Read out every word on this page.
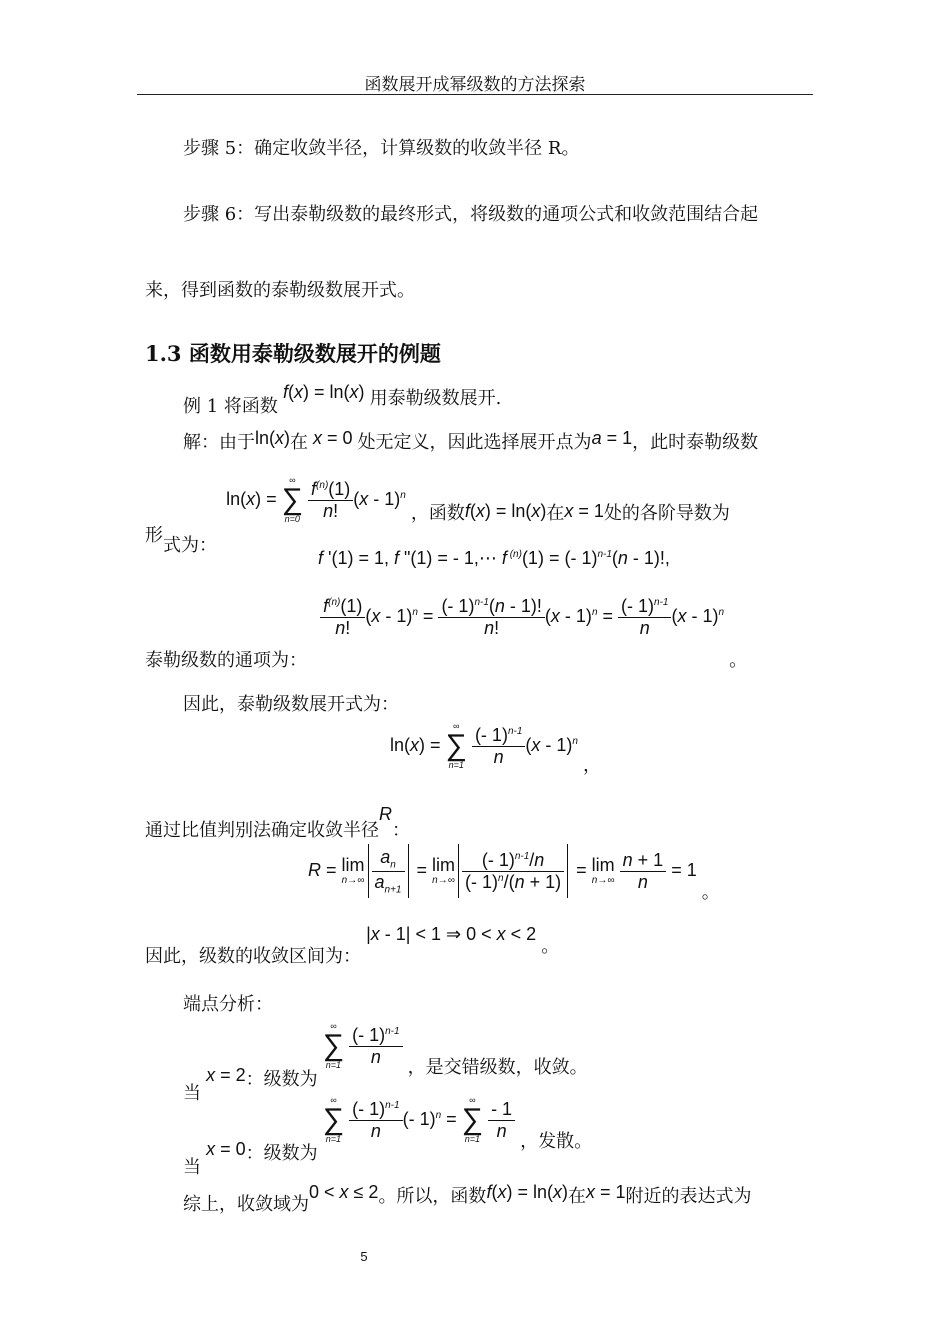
函数展开成幂级数的方法探索
步骤 5：确定收敛半径，计算级数的收敛半径 R。
步骤 6：写出泰勒级数的最终形式，将级数的通项公式和收敛范围结合起
来，得到函数的泰勒级数展开式。
1.3 函数用泰勒级数展开的例题
例 1 将函数 f(x) = ln(x) 用泰勒级数展开.
解：由于ln(x)在 x = 0 处无定义，因此选择展开点为a = 1，此时泰勒级数
形式为： ln(x) =
∞
∑
n=0
$\frac{f^{(n)}(1)}{n!} (x - 1)^n$ ，函数f(x) = ln(x)在x = 1处的各阶导数为
f '(1) = 1, f "(1) = - 1,⋯ f $^{(n)}$(1) = (- 1)$^{n-1}$(n - 1)!,
泰勒级数的通项为：
$\frac{f^{(n)}(1)}{n!} (x - 1)^n = \frac{(- 1)^{n-1}(n - 1)!}{n!} (x - 1)^n = \frac{(- 1)^{n-1}}{n} (x - 1)^n$ 。
因此，泰勒级数展开式为：
ln(x) =
∞
∑
n=1
$\frac{(- 1)^{n-1}}{n} (x - 1)^n$ ，
通过比值判别法确定收敛半径R：
R = lim
$n\to\infty \frac{a_n}{a_{n+1}} = \lim$
$n\to\infty \frac{(- 1)^{n-1}/n}{(- 1)^n/(n + 1)} = \lim$
n→∞
$\frac{n + 1}{n} = 1$ 。
因此，级数的收敛区间为： |x - 1| < 1 ⇒ 0 < x < 2 。
端点分析：
当 x = 2：级数为
∞
∑
n=1
$\frac{(- 1)^{n-1}}{n}$ ，是交错级数，收敛。
当 x = 0：级数为
∞
∑
n=1
$\frac{(- 1)^{n-1}}{n}$ (- 1)$^n$ =
∞
∑
n=1
$\frac{- 1}{n}$ ，发散。
综上，收敛域为0 < x ≤ 2。所以，函数f(x) = ln(x)在x = 1附近的表达式为
5
